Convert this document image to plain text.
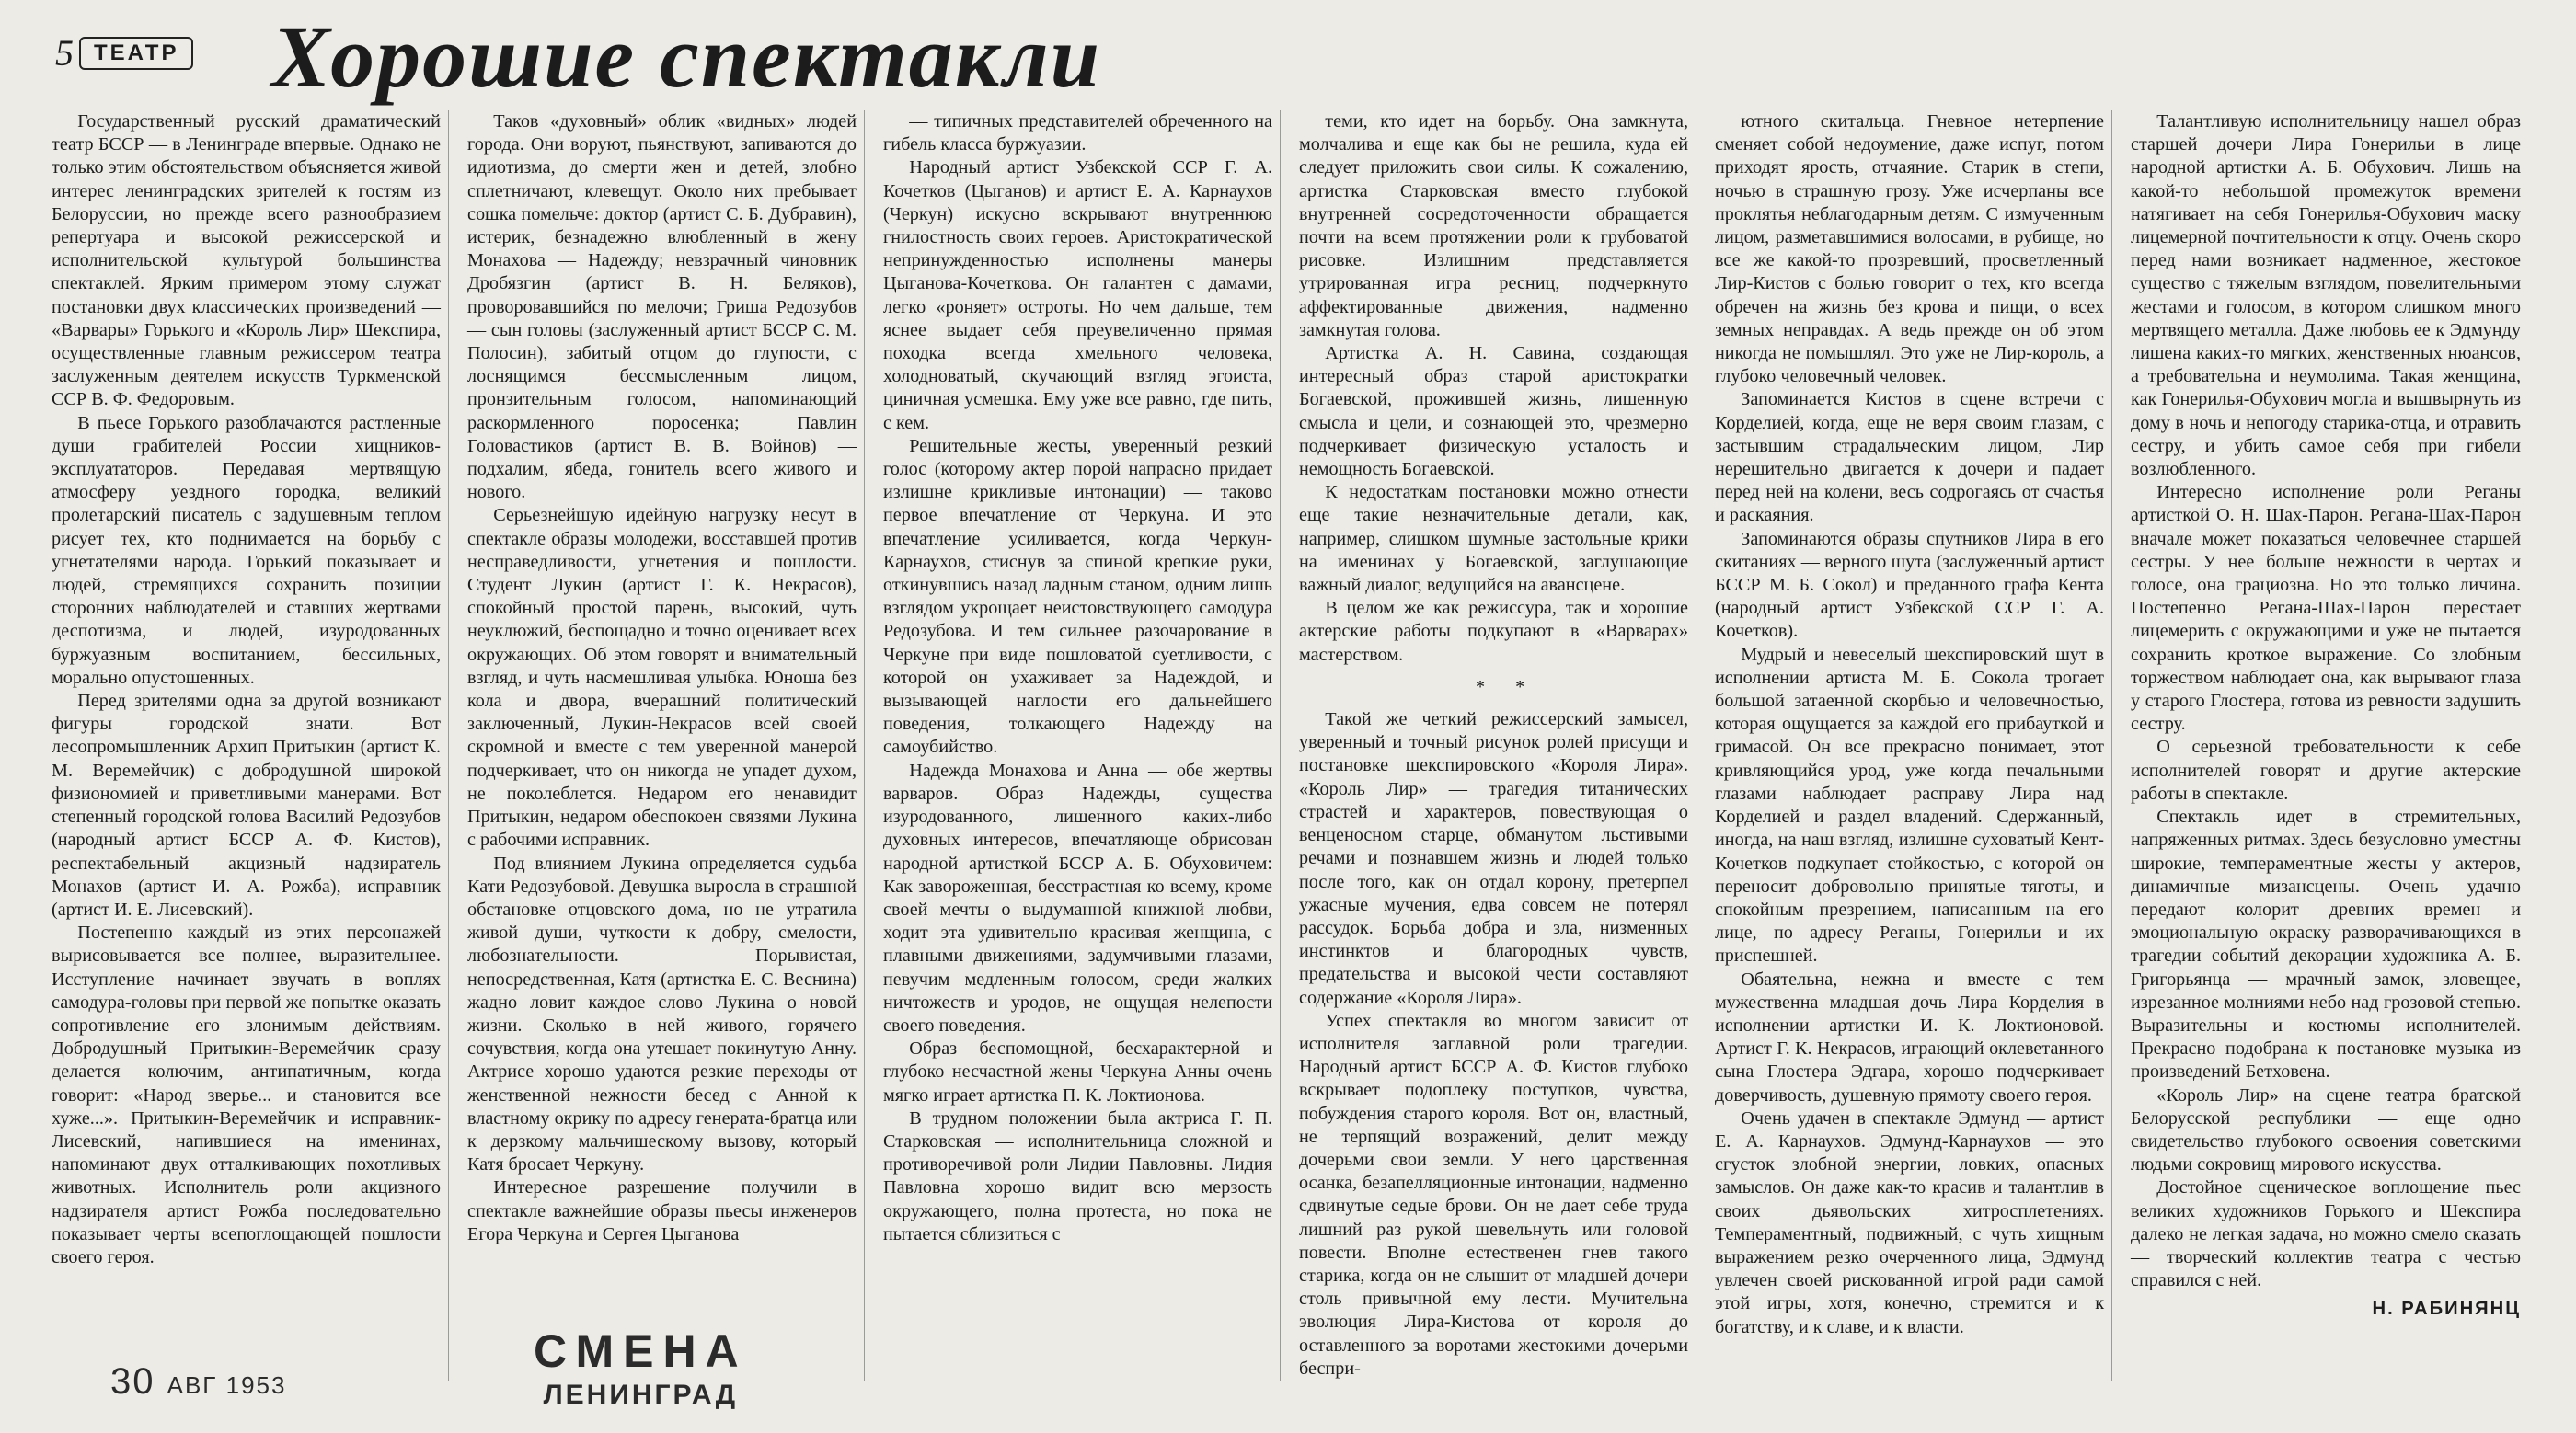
5 ТЕАТР Хорошие спектакли

Государственный русский драматический театр БССР — в Ленинграде впервые. Однако не только этим обстоятельством объясняется живой интерес ленинградских зрителей к гостям из Белоруссии, но прежде всего разнообразием репертуара и высокой режиссерской и исполнительской культурой большинства спектаклей. Ярким примером этому служат постановки двух классических произведений — «Варвары» Горького и «Король Лир» Шекспира, осуществленные главным режиссером театра заслуженным деятелем искусств Туркменской ССР В. Ф. Федоровым.

В пьесе Горького разоблачаются растленные души грабителей России хищников-эксплуататоров. Передавая мертвящую атмосферу уездного городка, великий пролетарский писатель с задушевным теплом рисует тех, кто поднимается на борьбу с угнетателями народа. Горький показывает и людей, стремящихся сохранить позиции сторонних наблюдателей и ставших жертвами деспотизма, и людей, изуродованных буржуазным воспитанием, бессильных, морально опустошенных.

Перед зрителями одна за другой возникают фигуры городской знати. Вот лесопромышленник Архип Притыкин (артист К. М. Веремейчик) с добродушной широкой физиономией и приветливыми манерами. Вот степенный городской голова Василий Редозубов (народный артист БССР А. Ф. Кистов), респектабельный акцизный надзиратель Монахов (артист И. А. Рожба), исправник (артист И. Е. Лисевский).

Постепенно каждый из этих персонажей вырисовывается все полнее, выразительнее. Исступление начинает звучать в воплях самодура-головы при первой же попытке оказать сопротивление его злонимым действиям. Добродушный Притыкин-Веремейчик сразу делается колючим, антипатичным, когда говорит: «Народ зверье... и становится все хуже...». Притыкин-Веремейчик и исправник-Лисевский, напившиеся на именинах, напоминают двух отталкивающих похотливых животных. Исполнитель роли акцизного надзирателя артист Рожба последовательно показывает черты всепоглощающей пошлости своего героя.

Таков «духовный» облик «видных» людей города. Они воруют, пьянствуют, запиваются до идиотизма, до смерти жен и детей, злобно сплетничают, клевещут. Около них пребывает сошка помельче: доктор (артист С. Б. Дубравин), истерик, безнадежно влюбленный в жену Монахова — Надежду; невзрачный чиновник Дробязгин (артист В. Н. Беляков), проворовавшийся по мелочи; Гриша Редозубов — сын головы (заслуженный артист БССР С. М. Полосин), забитый отцом до глупости, с лоснящимся бессмысленным лицом, пронзительным голосом, напоминающий раскормленного поросенка; Павлин Головастиков (артист В. В. Войнов) — подхалим, ябеда, гонитель всего живого и нового.

Серьезнейшую идейную нагрузку несут в спектакле образы молодежи, восставшей против несправедливости, угнетения и пошлости. Студент Лукин (артист Г. К. Некрасов), спокойный простой парень, высокий, чуть неуклюжий, беспощадно и точно оценивает всех окружающих. Об этом говорят и внимательный взгляд, и чуть насмешливая улыбка. Юноша без кола и двора, вчерашний политический заключенный, Лукин-Некрасов всей своей скромной и вместе с тем уверенной манерой подчеркивает, что он никогда не упадет духом, не поколеблется. Недаром его ненавидит Притыкин, недаром обеспокоен связями Лукина с рабочими исправник.

Под влиянием Лукина определяется судьба Кати Редозубовой. Девушка выросла в страшной обстановке отцовского дома, но не утратила живой души, чуткости к добру, смелости, любознательности. Порывистая, непосредственная, Катя (артистка Е. С. Веснина) жадно ловит каждое слово Лукина о новой жизни. Сколько в ней живого, горячего сочувствия, когда она утешает покинутую Анну. Актрисе хорошо удаются резкие переходы от женственной нежности бесед с Анной к властному окрику по адресу генерата-братца или к дерзкому мальчишескому вызову, который Катя бросает Черкуну.

Интересное разрешение получили в спектакле важнейшие образы пьесы инженеров Егора Черкуна и Сергея Цыганова

— типичных представителей обреченного на гибель класса буржуазии.

Народный артист Узбекской ССР Г. А. Кочетков (Цыганов) и артист Е. А. Карнаухов (Черкун) искусно вскрывают внутреннюю гнилостность своих героев. Аристократической непринужденностью исполнены манеры Цыганова-Кочеткова. Он галантен с дамами, легко «роняет» остроты. Но чем дальше, тем яснее выдает себя преувеличенно прямая походка всегда хмельного человека, холодноватый, скучающий взгляд эгоиста, циничная усмешка. Ему уже все равно, где пить, с кем.

Решительные жесты, уверенный резкий голос (которому актер порой напрасно придает излишне крикливые интонации) — таково первое впечатление от Черкуна. И это впечатление усиливается, когда Черкун-Карнаухов, стиснув за спиной крепкие руки, откинувшись назад ладным станом, одним лишь взглядом укрощает неистовствующего самодура Редозубова. И тем сильнее разочарование в Черкуне при виде пошловатой суетливости, с которой он ухаживает за Надеждой, и вызывающей наглости его дальнейшего поведения, толкающего Надежду на самоубийство.

Надежда Монахова и Анна — обе жертвы варваров. Образ Надежды, существа изуродованного, лишенного каких-либо духовных интересов, впечатляюще обрисован народной артисткой БССР А. Б. Обуховичем: Как завороженная, бесстрастная ко всему, кроме своей мечты о выдуманной книжной любви, ходит эта удивительно красивая женщина, с плавными движениями, задумчивыми глазами, певучим медленным голосом, среди жалких ничтожеств и уродов, не ощущая нелепости своего поведения.

Образ беспомощной, бесхарактерной и глубоко несчастной жены Черкуна Анны очень мягко играет артистка П. К. Локтионова.

В трудном положении была актриса Г. П. Старковская — исполнительница сложной и противоречивой роли Лидии Павловны. Лидия Павловна хорошо видит всю мерзость окружающего, полна протеста, но пока не пытается сблизиться с

теми, кто идет на борьбу. Она замкнута, молчалива и еще как бы не решила, куда ей следует приложить свои силы. К сожалению, артистка Старковская вместо глубокой внутренней сосредоточенности обращается почти на всем протяжении роли к грубоватой рисовке. Излишним представляется утрированная игра ресниц, подчеркнуто аффектированные движения, надменно замкнутая голова.

Артистка А. Н. Савина, создающая интересный образ старой аристократки Богаевской, прожившей жизнь, лишенную смысла и цели, и сознающей это, чрезмерно подчеркивает физическую усталость и немощность Богаевской.

К недостаткам постановки можно отнести еще такие незначительные детали, как, например, слишком шумные застольные крики на именинах у Богаевской, заглушающие важный диалог, ведущийся на авансцене.

В целом же как режиссура, так и хорошие актерские работы подкупают в «Варварах» мастерством.

* *

Такой же четкий режиссерский замысел, уверенный и точный рисунок ролей присущи и постановке шекспировского «Короля Лира». «Король Лир» — трагедия титанических страстей и характеров, повествующая о венценосном старце, обманутом льстивыми речами и познавшем жизнь и людей только после того, как он отдал корону, претерпел ужасные мучения, едва совсем не потерял рассудок. Борьба добра и зла, низменных инстинктов и благородных чувств, предательства и высокой чести составляют содержание «Короля Лира».

Успех спектакля во многом зависит от исполнителя заглавной роли трагедии. Народный артист БССР А. Ф. Кистов глубоко вскрывает подоплеку поступков, чувства, побуждения старого короля. Вот он, властный, не терпящий возражений, делит между дочерьми свои земли. У него царственная осанка, безапелляционные интонации, надменно сдвинутые седые брови. Он не дает себе труда лишний раз рукой шевельнуть или головой повести. Вполне естественен гнев такого старика, когда он не слышит от младшей дочери столь привычной ему лести. Мучительна эволюция Лира-Кистова от короля до оставленного за воротами жестокими дочерьми беспри-

ютного скитальца. Гневное нетерпение сменяет собой недоумение, даже испуг, потом приходят ярость, отчаяние. Старик в степи, ночью в страшную грозу. Уже исчерпаны все проклятья неблагодарным детям. С измученным лицом, разметавшимися волосами, в рубище, но все же какой-то прозревший, просветленный Лир-Кистов с болью говорит о тех, кто всегда обречен на жизнь без крова и пищи, о всех земных неправдах. А ведь прежде он об этом никогда не помышлял. Это уже не Лир-король, а глубоко человечный человек.

Запоминается Кистов в сцене встречи с Корделией, когда, еще не веря своим глазам, с застывшим страдальческим лицом, Лир нерешительно двигается к дочери и падает перед ней на колени, весь содрогаясь от счастья и раскаяния.

Запоминаются образы спутников Лира в его скитаниях — верного шута (заслуженный артист БССР М. Б. Сокол) и преданного графа Кента (народный артист Узбекской ССР Г. А. Кочетков).

Мудрый и невеселый шекспировский шут в исполнении артиста М. Б. Сокола трогает большой затаенной скорбью и человечностью, которая ощущается за каждой его прибауткой и гримасой. Он все прекрасно понимает, этот кривляющийся урод, уже когда печальными глазами наблюдает расправу Лира над Корделией и раздел владений. Сдержанный, иногда, на наш взгляд, излишне суховатый Кент-Кочетков подкупает стойкостью, с которой он переносит добровольно принятые тяготы, и спокойным презрением, написанным на его лице, по адресу Реганы, Гонерильи и их приспешней.

Обаятельна, нежна и вместе с тем мужественна младшая дочь Лира Корделия в исполнении артистки И. К. Локтионовой. Артист Г. К. Некрасов, играющий оклеветанного сына Глостера Эдгара, хорошо подчеркивает доверчивость, душевную прямоту своего героя.

Очень удачен в спектакле Эдмунд — артист Е. А. Карнаухов. Эдмунд-Карнаухов — это сгусток злобной энергии, ловких, опасных замыслов. Он даже как-то красив и талантлив в своих дьявольских хитросплетениях. Темпераментный, подвижный, с чуть хищным выражением резко очерченного лица, Эдмунд увлечен своей рискованной игрой ради самой этой игры, хотя, конечно, стремится и к богатству, и к славе, и к власти.

Талантливую исполнительницу нашел образ старшей дочери Лира Гонерильи в лице народной артистки А. Б. Обухович. Лишь на какой-то небольшой промежуток времени натягивает на себя Гонерилья-Обухович маску лицемерной почтительности к отцу. Очень скоро перед нами возникает надменное, жестокое существо с тяжелым взглядом, повелительными жестами и голосом, в котором слишком много мертвящего металла. Даже любовь ее к Эдмунду лишена каких-то мягких, женственных нюансов, а требовательна и неумолима. Такая женщина, как Гонерилья-Обухович могла и вышвырнуть из дому в ночь и непогоду старика-отца, и отравить сестру, и убить самое себя при гибели возлюбленного.

Интересно исполнение роли Реганы артисткой О. Н. Шах-Парон. Регана-Шах-Парон вначале может показаться человечнее старшей сестры. У нее больше нежности в чертах и голосе, она грациозна. Но это только личина. Постепенно Регана-Шах-Парон перестает лицемерить с окружающими и уже не пытается сохранить кроткое выражение. Со злобным торжеством наблюдает она, как вырывают глаза у старого Глостера, готова из ревности задушить сестру.

О серьезной требовательности к себе исполнителей говорят и другие актерские работы в спектакле.

Спектакль идет в стремительных, напряженных ритмах. Здесь безусловно уместны широкие, темпераментные жесты у актеров, динамичные мизансцены. Очень удачно передают колорит древних времен и эмоциональную окраску разворачивающихся в трагедии событий декорации художника А. Б. Григорьянца — мрачный замок, зловещее, изрезанное молниями небо над грозовой степью. Выразительны и костюмы исполнителей. Прекрасно подобрана к постановке музыка из произведений Бетховена.

«Король Лир» на сцене театра братской Белорусской республики — еще одно свидетельство глубокого освоения советскими людьми сокровищ мирового искусства.

Достойное сценическое воплощение пьес великих художников Горького и Шекспира далеко не легкая задача, но можно смело сказать — творческий коллектив театра с честью справился с ней.

Н. РАБИНЯНЦ

30 АВГ 1953
СМЕНА
ЛЕНИНГРАД
